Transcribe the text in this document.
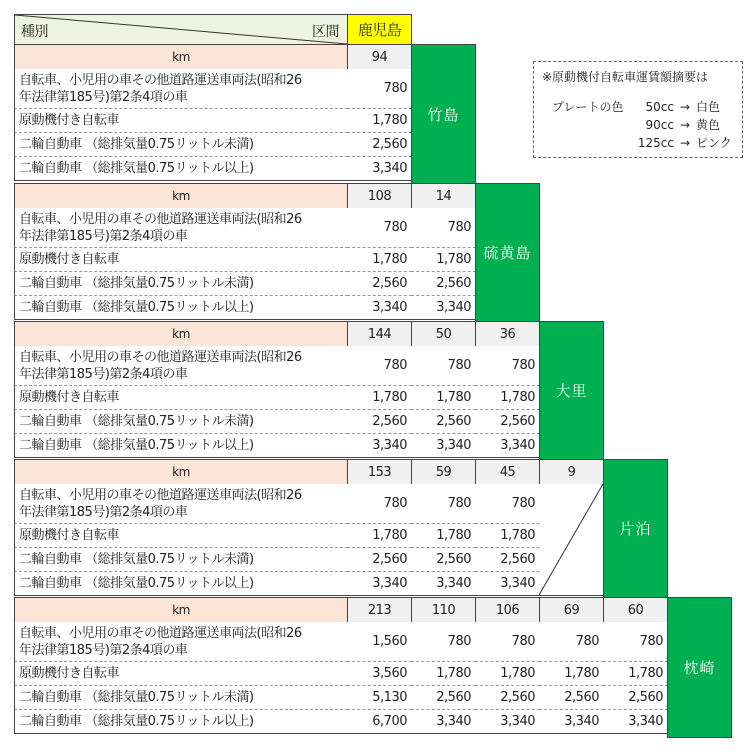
種別	区間	鹿児島
※原動機付自転車運賃額摘要は
プレートの色	50cc → 白色
90cc → 黄色
125cc → ピンク
km	94
自転車、小児用の車その他道路運送車両法(昭和26
年法律第185号)第2条4項の車
780
原動機付き自転車	1,780
二輪自動車 （総排気量0.75リットル未満)	2,560
二輪自動車 （総排気量0.75リットル以上)	3,340
竹島
km	108	14
自転車、小児用の車その他道路運送車両法(昭和26
年法律第185号)第2条4項の車
780	780
原動機付き自転車	1,780	1,780
二輪自動車 （総排気量0.75リットル未満)	2,560	2,560
二輪自動車 （総排気量0.75リットル以上)	3,340	3,340
硫黄島
km	144	50	36
自転車、小児用の車その他道路運送車両法(昭和26
年法律第185号)第2条4項の車
780	780	780
原動機付き自転車	1,780	1,780	1,780
二輪自動車 （総排気量0.75リットル未満)	2,560	2,560	2,560
二輪自動車 （総排気量0.75リットル以上)	3,340	3,340	3,340
大里
km	153	59	45	9
自転車、小児用の車その他道路運送車両法(昭和26
年法律第185号)第2条4項の車
780	780	780
原動機付き自転車	1,780	1,780	1,780
二輪自動車 （総排気量0.75リットル未満)	2,560	2,560	2,560
二輪自動車 （総排気量0.75リットル以上)	3,340	3,340	3,340
片泊
km	213	110	106	69	60
自転車、小児用の車その他道路運送車両法(昭和26
年法律第185号)第2条4項の車
1,560	780	780	780	780
原動機付き自転車	3,560	1,780	1,780	1,780	1,780
二輪自動車 （総排気量0.75リットル未満)	5,130	2,560	2,560	2,560	2,560
二輪自動車 （総排気量0.75リットル以上)	6,700	3,340	3,340	3,340	3,340
枕崎
